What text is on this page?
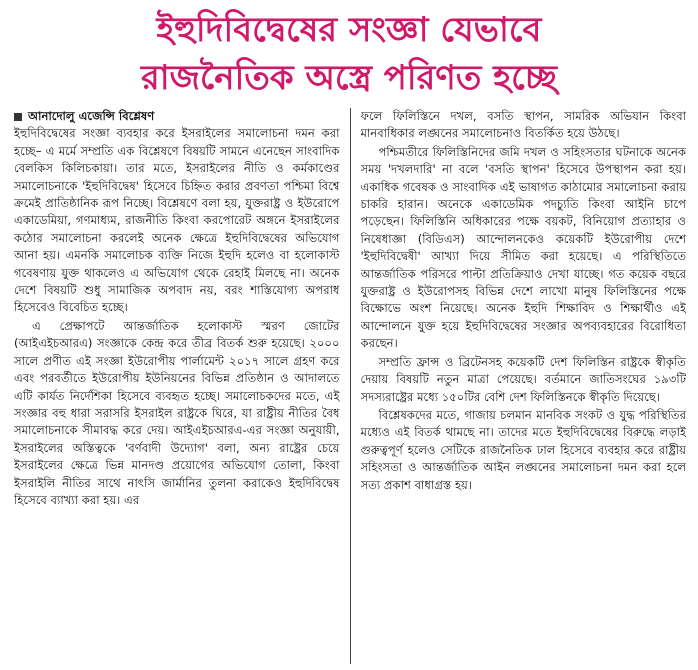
ইহুদিবিদ্বেষের সংজ্ঞা যেভাবে
রাজনৈতিক অস্ত্রে পরিণত হচ্ছে
আনাদোলু এজেন্সি বিশ্লেষণ

ইহুদিবিদ্বেষের সংজ্ঞা ব্যবহার করে ইসরাইলের সমালোচনা দমন করা হচ্ছে– এ মর্মে সম্প্রতি এক বিশ্লেষণে বিষয়টি সামনে এনেছেন সাংবাদিক বেলকিস কিলিচকায়া। তার মতে, ইসরাইলের নীতি ও কর্মকাণ্ডের সমালোচনাকে 'ইহুদিবিদ্বেষ' হিসেবে চিহ্নিত করার প্রবণতা পশ্চিমা বিশ্বে ক্রমেই প্রাতিষ্ঠানিক রূপ নিচ্ছে। বিশ্লেষণে বলা হয়, যুক্তরাষ্ট্র ও ইউরোপে একাডেমিয়া, গণমাধ্যম, রাজনীতি কিংবা করপোরেট অঙ্গনে ইসরাইলের কঠোর সমালোচনা করলেই অনেক ক্ষেত্রে ইহুদিবিদ্বেষের অভিযোগ আনা হয়। এমনকি সমালোচক ব্যক্তি নিজে ইহুদি হলেও বা হলোকাস্ট গবেষণায় যুক্ত থাকলেও এ অভিযোগ থেকে রেহাই মিলছে না। অনেক দেশে বিষয়টি শুধু সামাজিক অপবাদ নয়, বরং শাস্তিযোগ্য অপরাধ হিসেবেও বিবেচিত হচ্ছে।

এ প্রেক্ষাপটে আন্তর্জাতিক হলোকাস্ট স্মরণ জোটের (আইএইচআরএ) সংজ্ঞাকে কেন্দ্র করে তীব্র বিতর্ক শুরু হয়েছে। ২০০০ সালে প্রণীত এই সংজ্ঞা ইউরোপীয় পার্লামেন্ট ২০১৭ সালে গ্রহণ করে এবং পরবর্তীতে ইউরোপীয় ইউনিয়নের বিভিন্ন প্রতিষ্ঠান ও আদালতে এটি কার্যত নির্দেশিকা হিসেবে ব্যবহৃত হচ্ছে। সমালোচকদের মতে, এই সংজ্ঞার বহু ধারা সরাসরি ইসরাইল রাষ্ট্রকে ঘিরে, যা রাষ্ট্রীয় নীতির বৈধ সমালোচনাকে সীমাবদ্ধ করে দেয়। আইএইচআরএ-এর সংজ্ঞা অনুযায়ী, ইসরাইলের অস্তিত্বকে 'বর্ণবাদী উদ্যোগ' বলা, অন্য রাষ্ট্রের চেয়ে ইসরাইলের ক্ষেত্রে ভিন্ন মানদণ্ড প্রয়োগের অভিযোগ তোলা, কিংবা ইসরাইলি নীতির সাথে নাৎসি জার্মানির তুলনা করাকেও ইহুদিবিদ্বেষ হিসেবে ব্যাখ্যা করা হয়। এর

ফলে ফিলিস্তিনে দখল, বসতি স্থাপন, সামরিক অভিযান কিংবা মানবাধিকার লঙ্ঘনের সমালোচনাও বিতর্কিত হয়ে উঠছে।

পশ্চিমতীরে ফিলিস্তিনিদের জমি দখল ও সহিংসতার ঘটনাকে অনেক সময় 'দখলদারি' না বলে 'বসতি স্থাপন' হিসেবে উপস্থাপন করা হয়। একাধিক গবেষক ও সাংবাদিক এই ভাষাগত কাঠামোর সমালোচনা করায় চাকরি হারান। অনেকে একাডেমিক পদচ্যুতি কিংবা আইনি চাপে পড়েছেন। ফিলিস্তিনি অধিকারের পক্ষে বয়কট, বিনিয়োগ প্রত্যাহার ও নিষেধাজ্ঞা (বিডিএস) আন্দোলনকেও কয়েকটি ইউরোপীয় দেশে 'ইহুদিবিদ্বেষী' আখ্যা দিয়ে সীমিত করা হয়েছে। এ পরিস্থিতিতে আন্তর্জাতিক পরিসরে পাল্টা প্রতিক্রিয়াও দেখা যাচ্ছে। গত কয়েক বছরে যুক্তরাষ্ট্র ও ইউরোপসহ বিভিন্ন দেশে লাখো মানুষ ফিলিস্তিনের পক্ষে বিক্ষোভে অংশ নিয়েছে। অনেক ইহুদি শিক্ষাবিদ ও শিক্ষার্থীও এই আন্দোলনে যুক্ত হয়ে ইহুদিবিদ্বেষের সংজ্ঞার অপব্যবহারের বিরোধিতা করছেন।

সম্প্রতি ফ্রান্স ও ব্রিটেনসহ কয়েকটি দেশ ফিলিস্তিন রাষ্ট্রকে স্বীকৃতি দেয়ায় বিষয়টি নতুন মাত্রা পেয়েছে। বর্তমানে জাতিসংঘের ১৯৩টি সদস্যরাষ্ট্রের মধ্যে ১৫০টির বেশি দেশ ফিলিস্তিনকে স্বীকৃতি দিয়েছে।

বিশ্লেষকদের মতে, গাজায় চলমান মানবিক সংকট ও যুদ্ধ পরিস্থিতির মধ্যেও এই বিতর্ক থামছে না। তাদের মতে ইহুদিবিদ্বেষের বিরুদ্ধে লড়াই গুরুত্বপূর্ণ হলেও সেটিকে রাজনৈতিক ঢাল হিসেবে ব্যবহার করে রাষ্ট্রীয় সহিংসতা ও আন্তর্জাতিক আইন লঙ্ঘনের সমালোচনা দমন করা হলে সত্য প্রকাশ বাধাগ্রস্ত হয়।
